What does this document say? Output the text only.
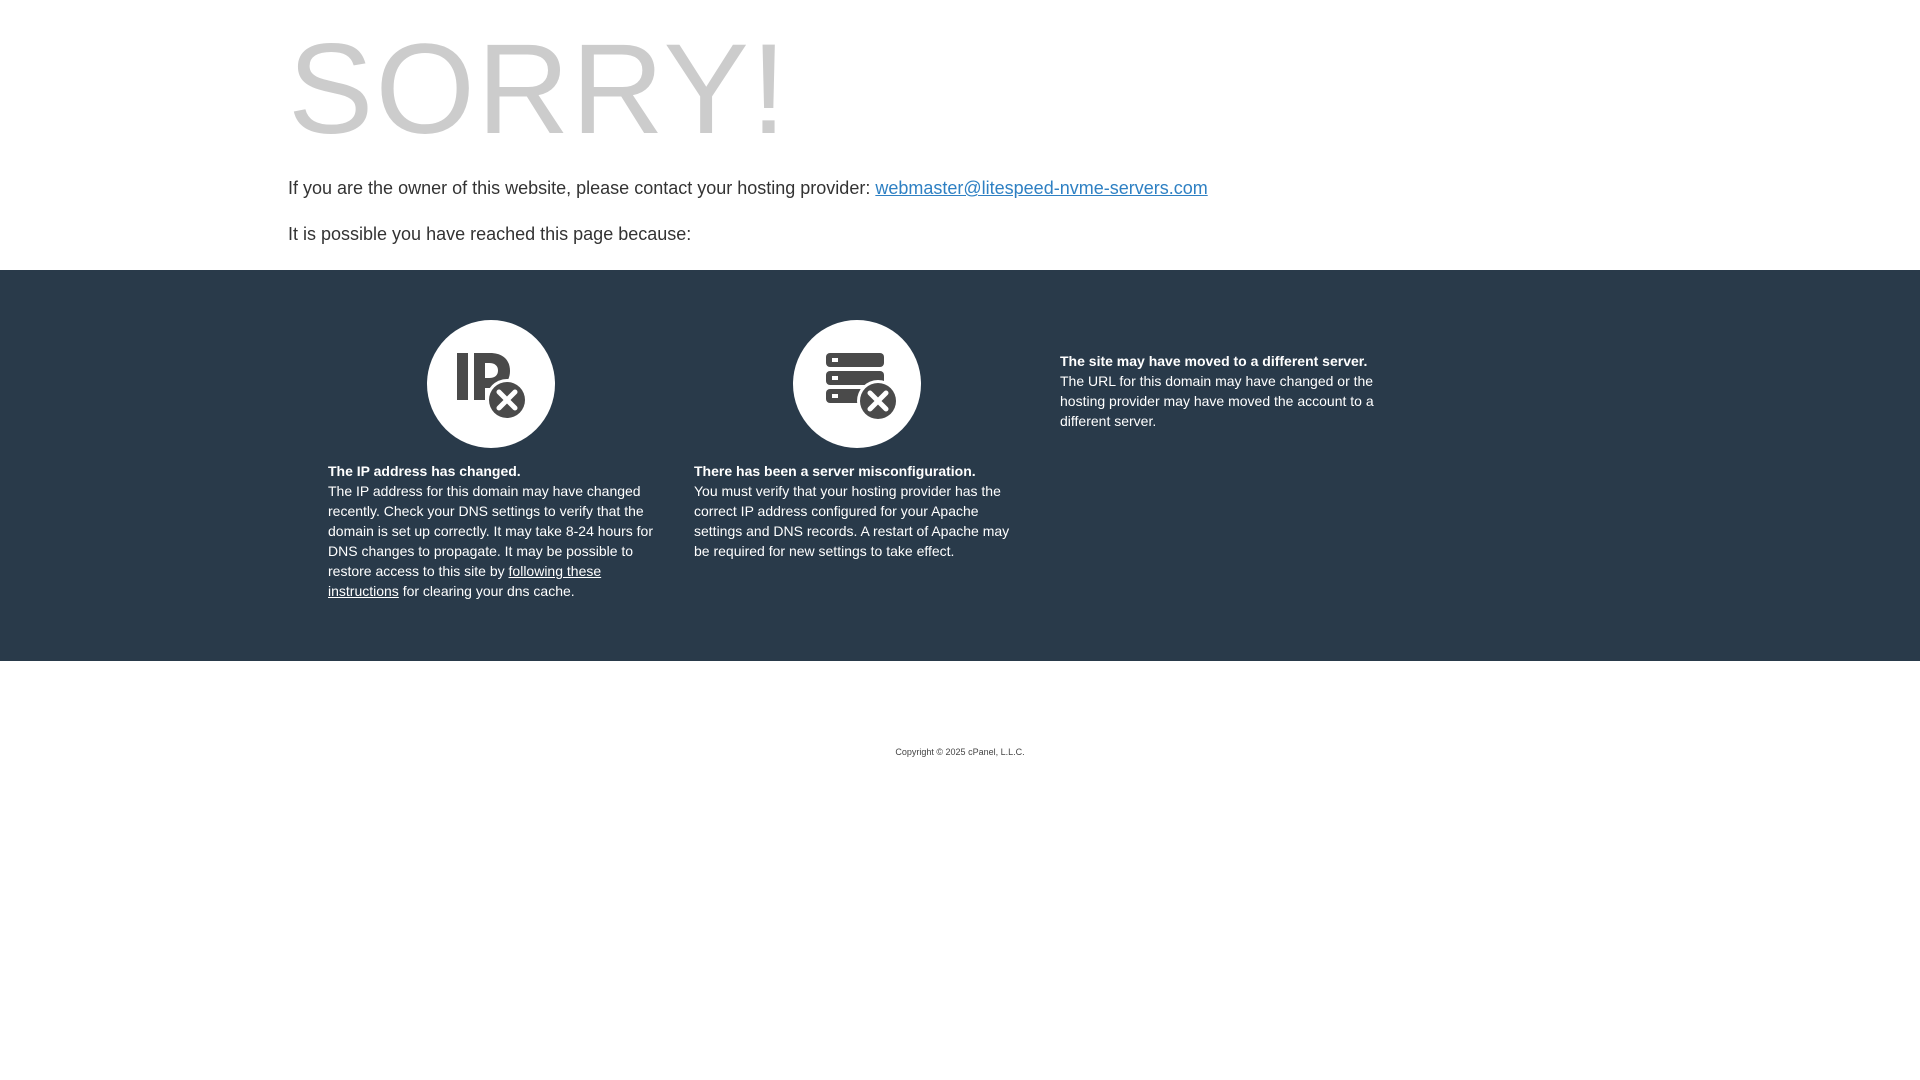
SORRY!

If you are the owner of this website, please contact your hosting provider: webmaster@litespeed-nvme-servers.com

It is possible you have reached this page because:

The IP address has changed.
The IP address for this domain may have changed recently. Check your DNS settings to verify that the domain is set up correctly. It may take 8-24 hours for DNS changes to propagate. It may be possible to restore access to this site by following these instructions for clearing your dns cache.
There has been a server misconfiguration.
You must verify that your hosting provider has the correct IP address configured for your Apache settings and DNS records. A restart of Apache may be required for new settings to take effect.
The site may have moved to a different server.
The URL for this domain may have changed or the hosting provider may have moved the account to a different server.
Copyright © 2025 cPanel, L.L.C.
